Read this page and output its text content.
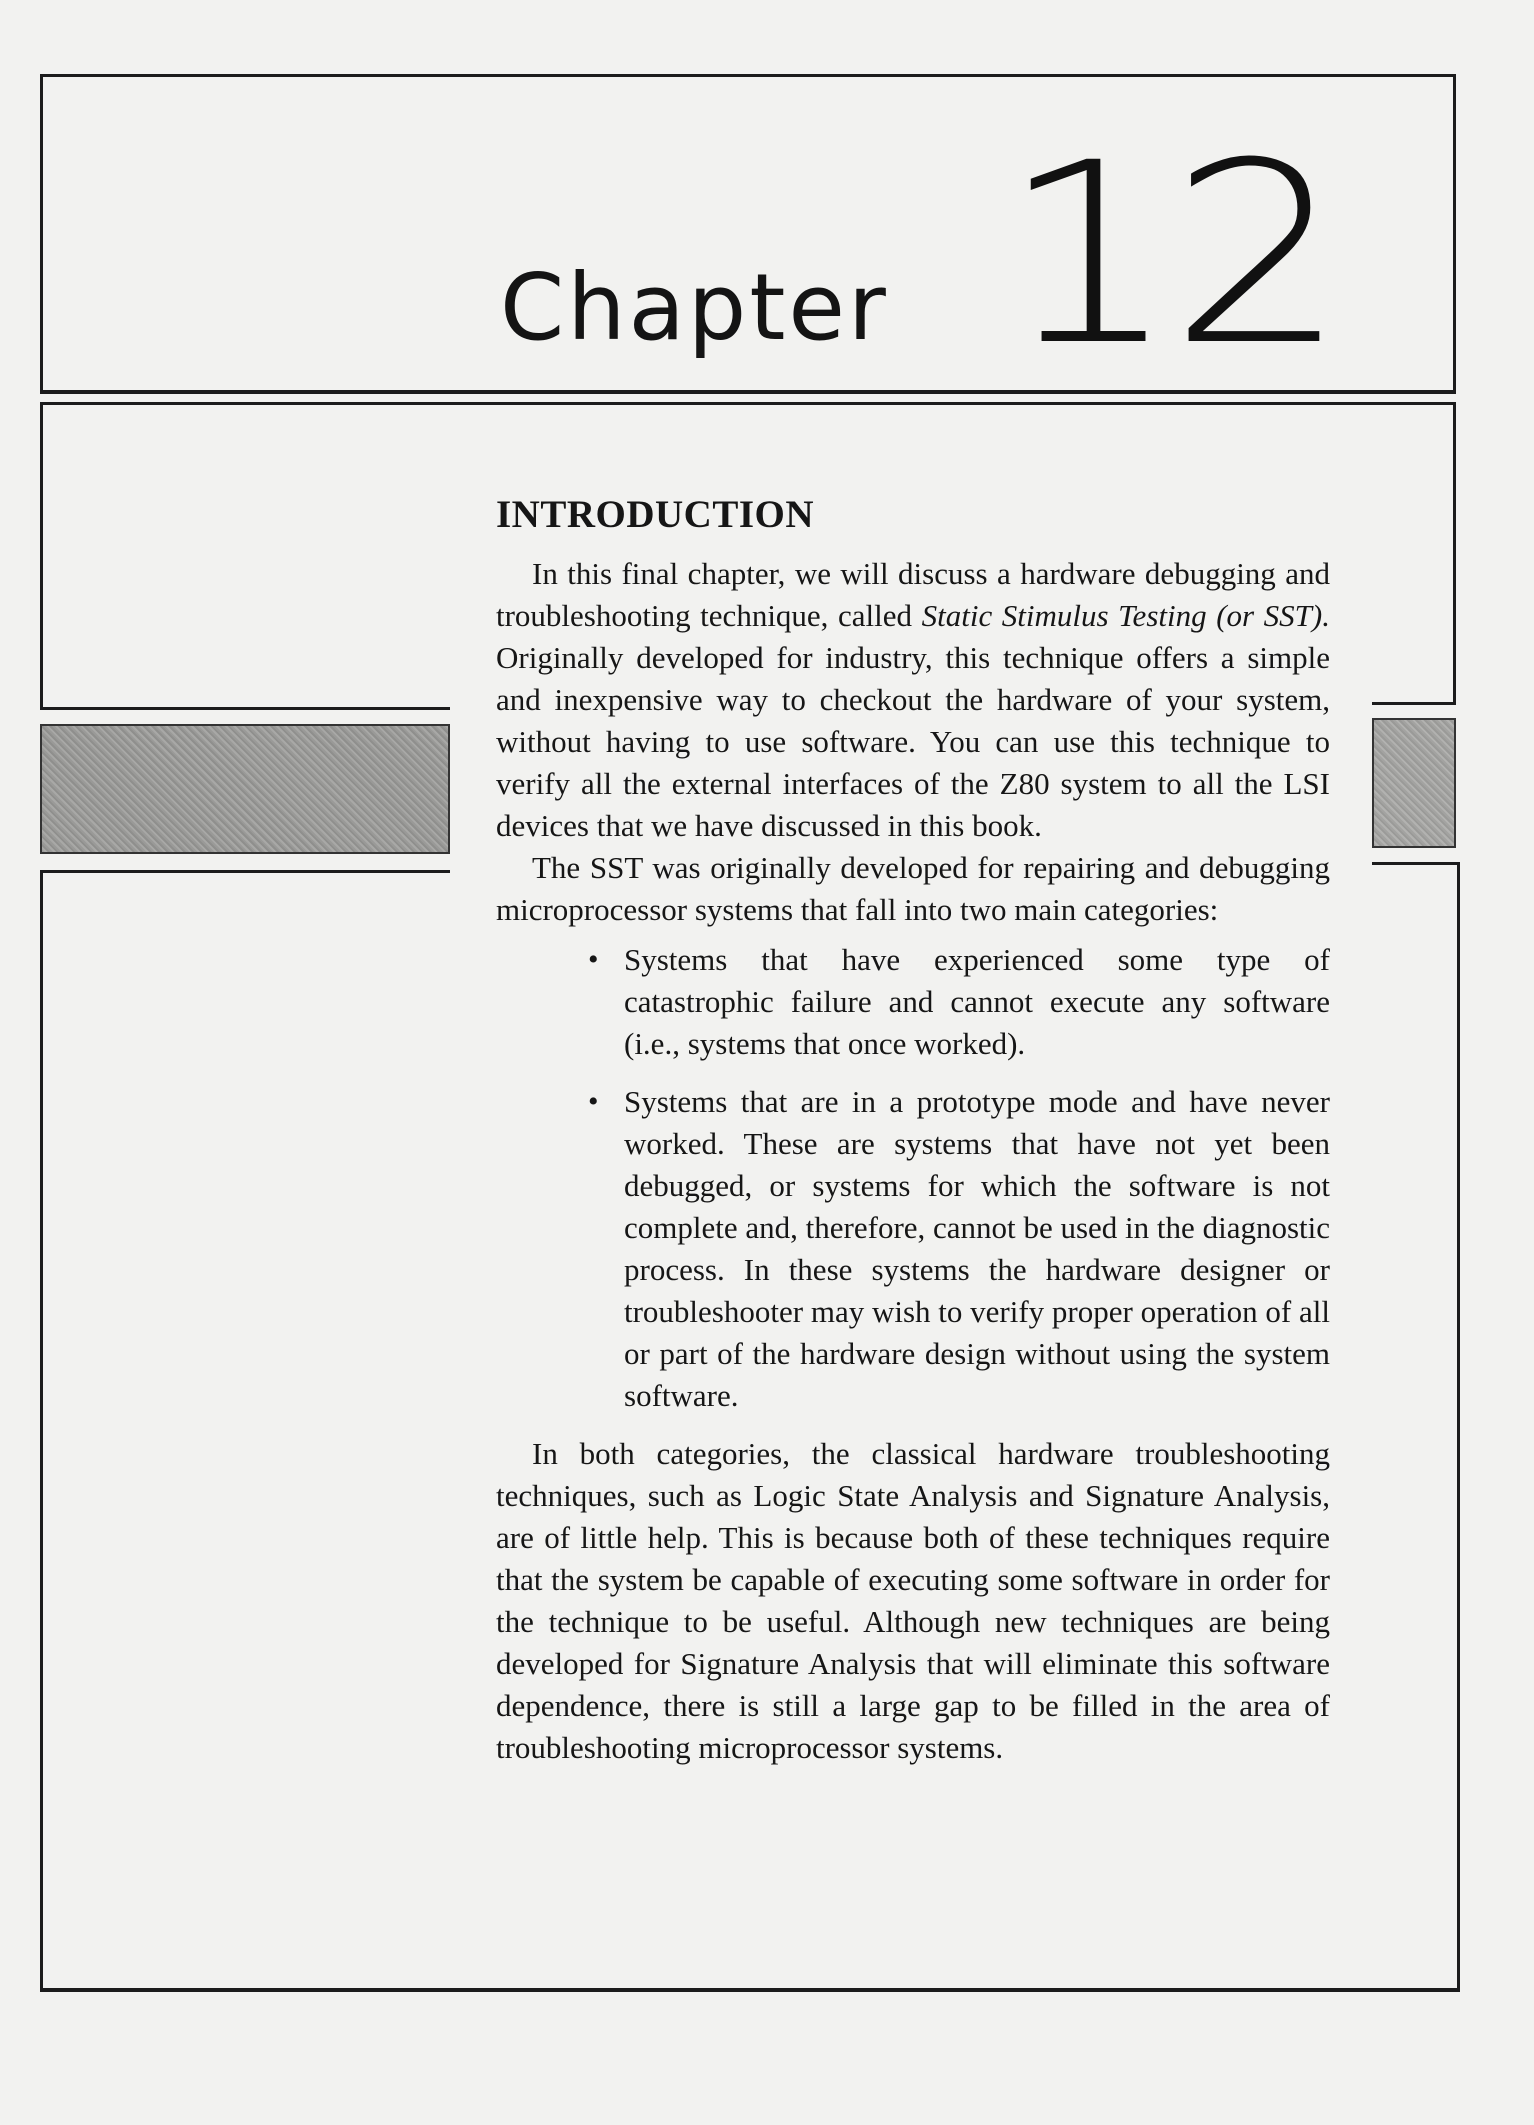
Chapter 12
INTRODUCTION

In this final chapter, we will discuss a hardware debugging and troubleshooting technique, called Static Stimulus Testing (or SST). Originally developed for industry, this technique offers a simple and inexpensive way to checkout the hardware of your system, without having to use software. You can use this technique to verify all the external interfaces of the Z80 system to all the LSI devices that we have discussed in this book.

The SST was originally developed for repairing and debugging microprocessor systems that fall into two main categories:

• Systems that have experienced some type of catastrophic failure and cannot execute any software (i.e., systems that once worked).
• Systems that are in a prototype mode and have never worked. These are systems that have not yet been debugged, or systems for which the software is not complete and, therefore, cannot be used in the diagnostic process. In these systems the hardware designer or troubleshooter may wish to verify proper operation of all or part of the hardware design without using the system software.

In both categories, the classical hardware troubleshooting techniques, such as Logic State Analysis and Signature Analysis, are of little help. This is because both of these techniques require that the system be capable of executing some software in order for the technique to be useful. Although new techniques are being developed for Signature Analysis that will eliminate this software dependence, there is still a large gap to be filled in the area of troubleshooting microprocessor systems.
